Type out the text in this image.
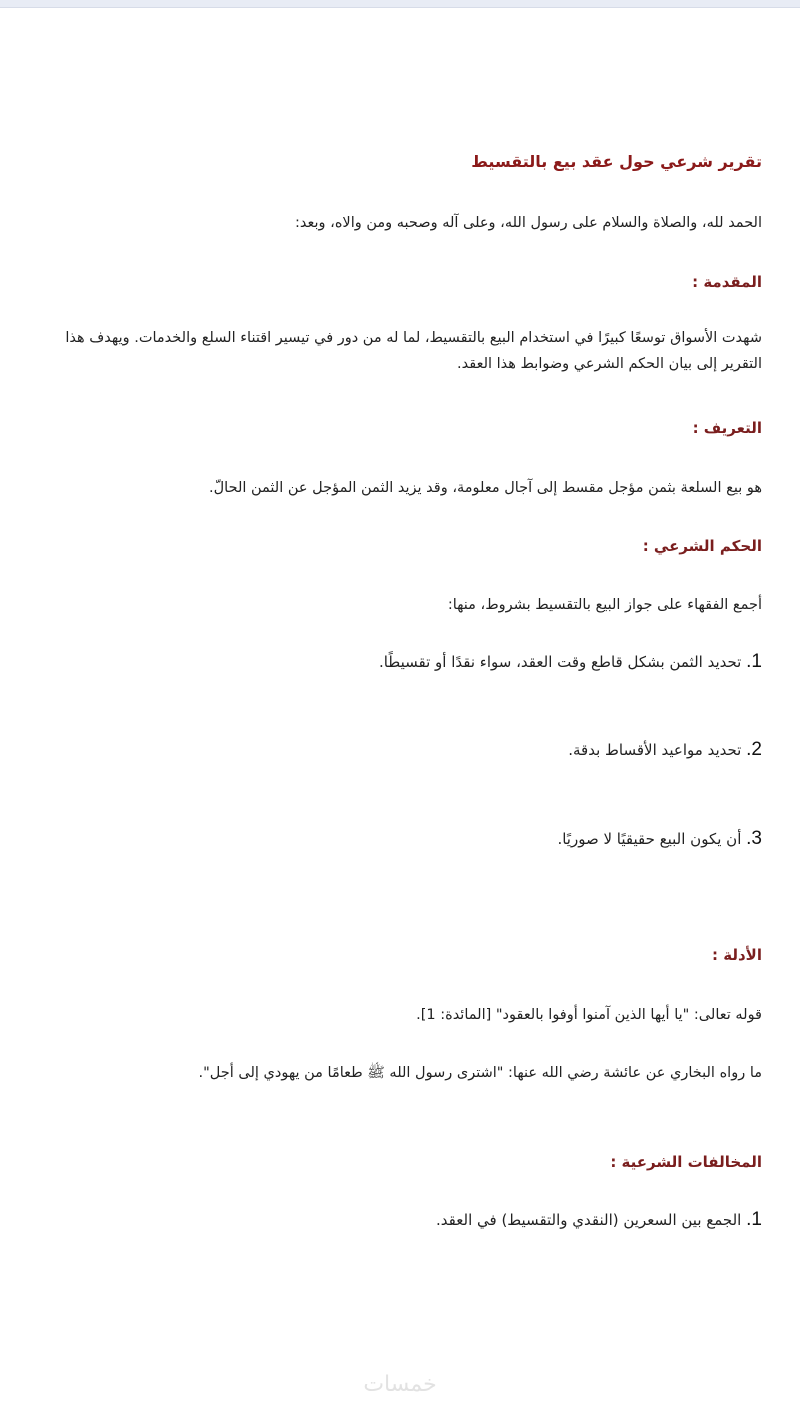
تقرير شرعي حول عقد بيع بالتقسيط
الحمد لله، والصلاة والسلام على رسول الله، وعلى آله وصحبه ومن والاه، وبعد:
المقدمة :
شهدت الأسواق توسعًا كبيرًا في استخدام البيع بالتقسيط، لما له من دور في تيسير اقتناء السلع والخدمات. ويهدف هذا التقرير إلى بيان الحكم الشرعي وضوابط هذا العقد.
التعريف :
هو بيع السلعة بثمن مؤجل مقسط إلى آجال معلومة، وقد يزيد الثمن المؤجل عن الثمن الحالّ.
الحكم الشرعي :
أجمع الفقهاء على جواز البيع بالتقسيط بشروط، منها:
1. تحديد الثمن بشكل قاطع وقت العقد، سواء نقدًا أو تقسيطًا.
2. تحديد مواعيد الأقساط بدقة.
3. أن يكون البيع حقيقيًا لا صوريًا.
الأدلة :
قوله تعالى: "يا أيها الذين آمنوا أوفوا بالعقود" [المائدة: 1].
ما رواه البخاري عن عائشة رضي الله عنها: "اشترى رسول الله ﷺ طعامًا من يهودي إلى أجل".
المخالفات الشرعية :
1. الجمع بين السعرين (النقدي والتقسيط) في العقد.
خمسات
